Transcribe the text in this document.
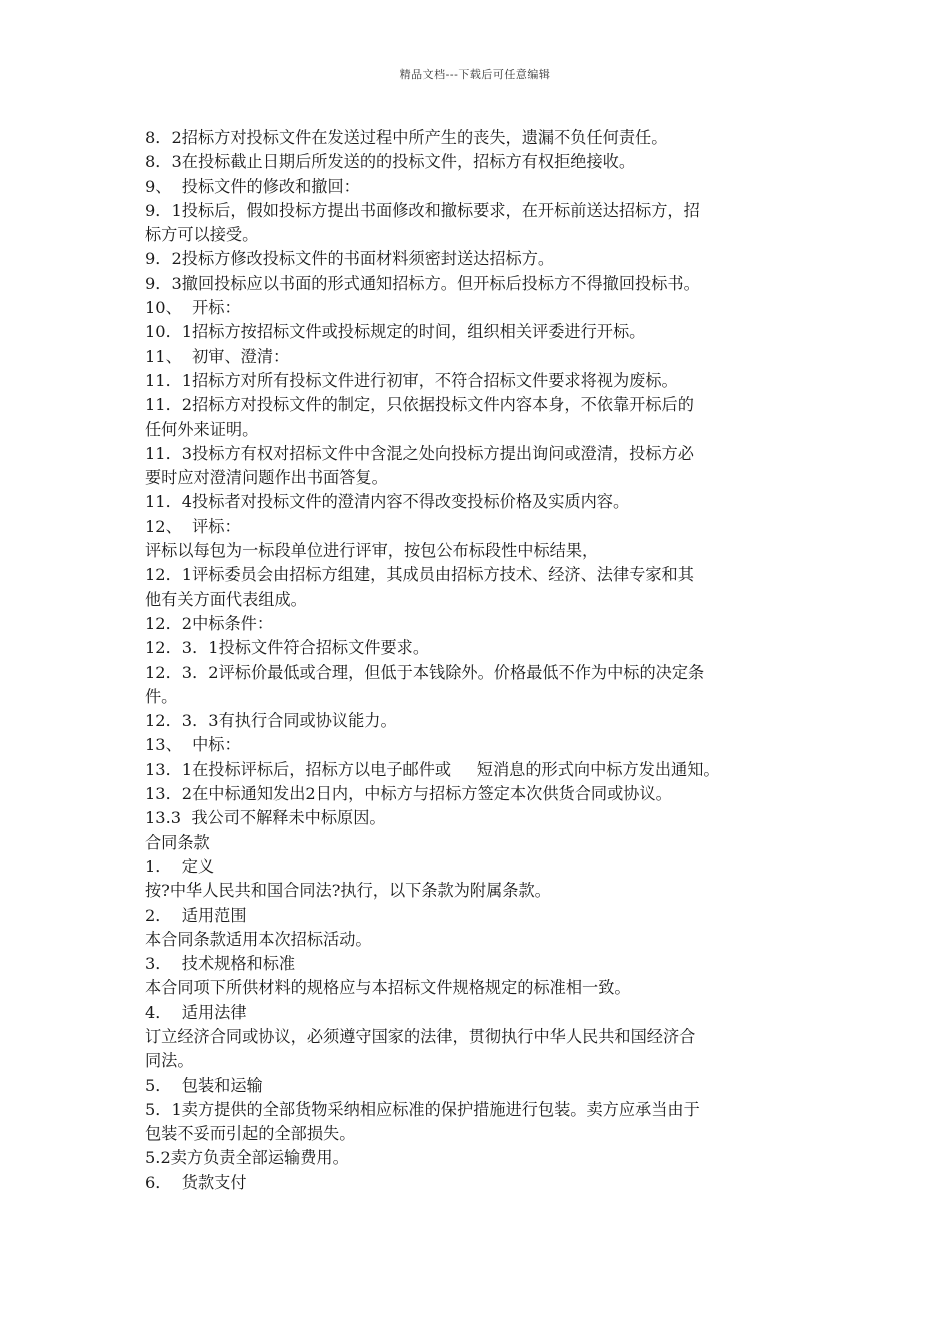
精品文档---下载后可任意编辑
8．2招标方对投标文件在发送过程中所产生的丧失，遗漏不负任何责任。
8．3在投标截止日期后所发送的的投标文件，招标方有权拒绝接收。
9、  投标文件的修改和撤回：
9．1投标后，假如投标方提出书面修改和撤标要求，在开标前送达招标方，招
标方可以接受。
9．2投标方修改投标文件的书面材料须密封送达招标方。
9．3撤回投标应以书面的形式通知招标方。但开标后投标方不得撤回投标书。
10、  开标：
10．1招标方按招标文件或投标规定的时间，组织相关评委进行开标。
11、  初审、澄清：
11．1招标方对所有投标文件进行初审，不符合招标文件要求将视为废标。
11．2招标方对投标文件的制定，只依据投标文件内容本身，不依靠开标后的
任何外来证明。
11．3投标方有权对招标文件中含混之处向投标方提出询问或澄清，投标方必
要时应对澄清问题作出书面答复。
11．4投标者对投标文件的澄清内容不得改变投标价格及实质内容。
12、  评标：
评标以每包为一标段单位进行评审，按包公布标段性中标结果，
12．1评标委员会由招标方组建，其成员由招标方技术、经济、法律专家和其
他有关方面代表组成。
12．2中标条件：
12．3．1投标文件符合招标文件要求。
12．3．2评标价最低或合理，但低于本钱除外。价格最低不作为中标的决定条
件。
12．3．3有执行合同或协议能力。
13、  中标：
13．1在投标评标后，招标方以电子邮件或     短消息的形式向中标方发出通知。
13．2在中标通知发出2日内，中标方与招标方签定本次供货合同或协议。
13.3  我公司不解释未中标原因。
合同条款
1．  定义
按?中华人民共和国合同法?执行，以下条款为附属条款。
2．  适用范围
本合同条款适用本次招标活动。
3．  技术规格和标准
本合同项下所供材料的规格应与本招标文件规格规定的标准相一致。
4．  适用法律
订立经济合同或协议，必须遵守国家的法律，贯彻执行中华人民共和国经济合
同法。
5．  包装和运输
5．1卖方提供的全部货物采纳相应标准的保护措施进行包装。卖方应承当由于
包装不妥而引起的全部损失。
5.2卖方负责全部运输费用。
6．  货款支付
